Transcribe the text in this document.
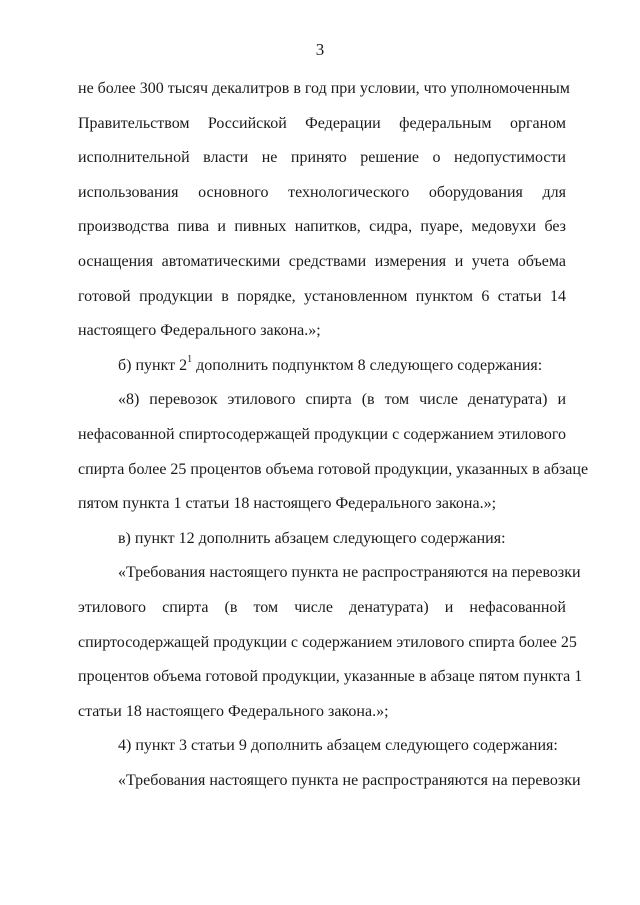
3
не более 300 тысяч декалитров в год при условии, что уполномоченным
Правительством Российской Федерации федеральным органом
исполнительной власти не принято решение о недопустимости
использования основного технологического оборудования для
производства пива и пивных напитков, сидра, пуаре, медовухи без
оснащения автоматическими средствами измерения и учета объема
готовой продукции в порядке, установленном пунктом 6 статьи 14
настоящего Федерального закона.»;
б) пункт $2^1$ дополнить подпунктом 8 следующего содержания:
«8) перевозок этилового спирта (в том числе денатурата) и
нефасованной спиртосодержащей продукции с содержанием этилового
спирта более 25 процентов объема готовой продукции, указанных в абзаце
пятом пункта 1 статьи 18 настоящего Федерального закона.»;
в) пункт 12 дополнить абзацем следующего содержания:
«Требования настоящего пункта не распространяются на перевозки
этилового спирта (в том числе денатурата) и нефасованной
спиртосодержащей продукции с содержанием этилового спирта более 25
процентов объема готовой продукции, указанные в абзаце пятом пункта 1
статьи 18 настоящего Федерального закона.»;
4) пункт 3 статьи 9 дополнить абзацем следующего содержания:
«Требования настоящего пункта не распространяются на перевозки
